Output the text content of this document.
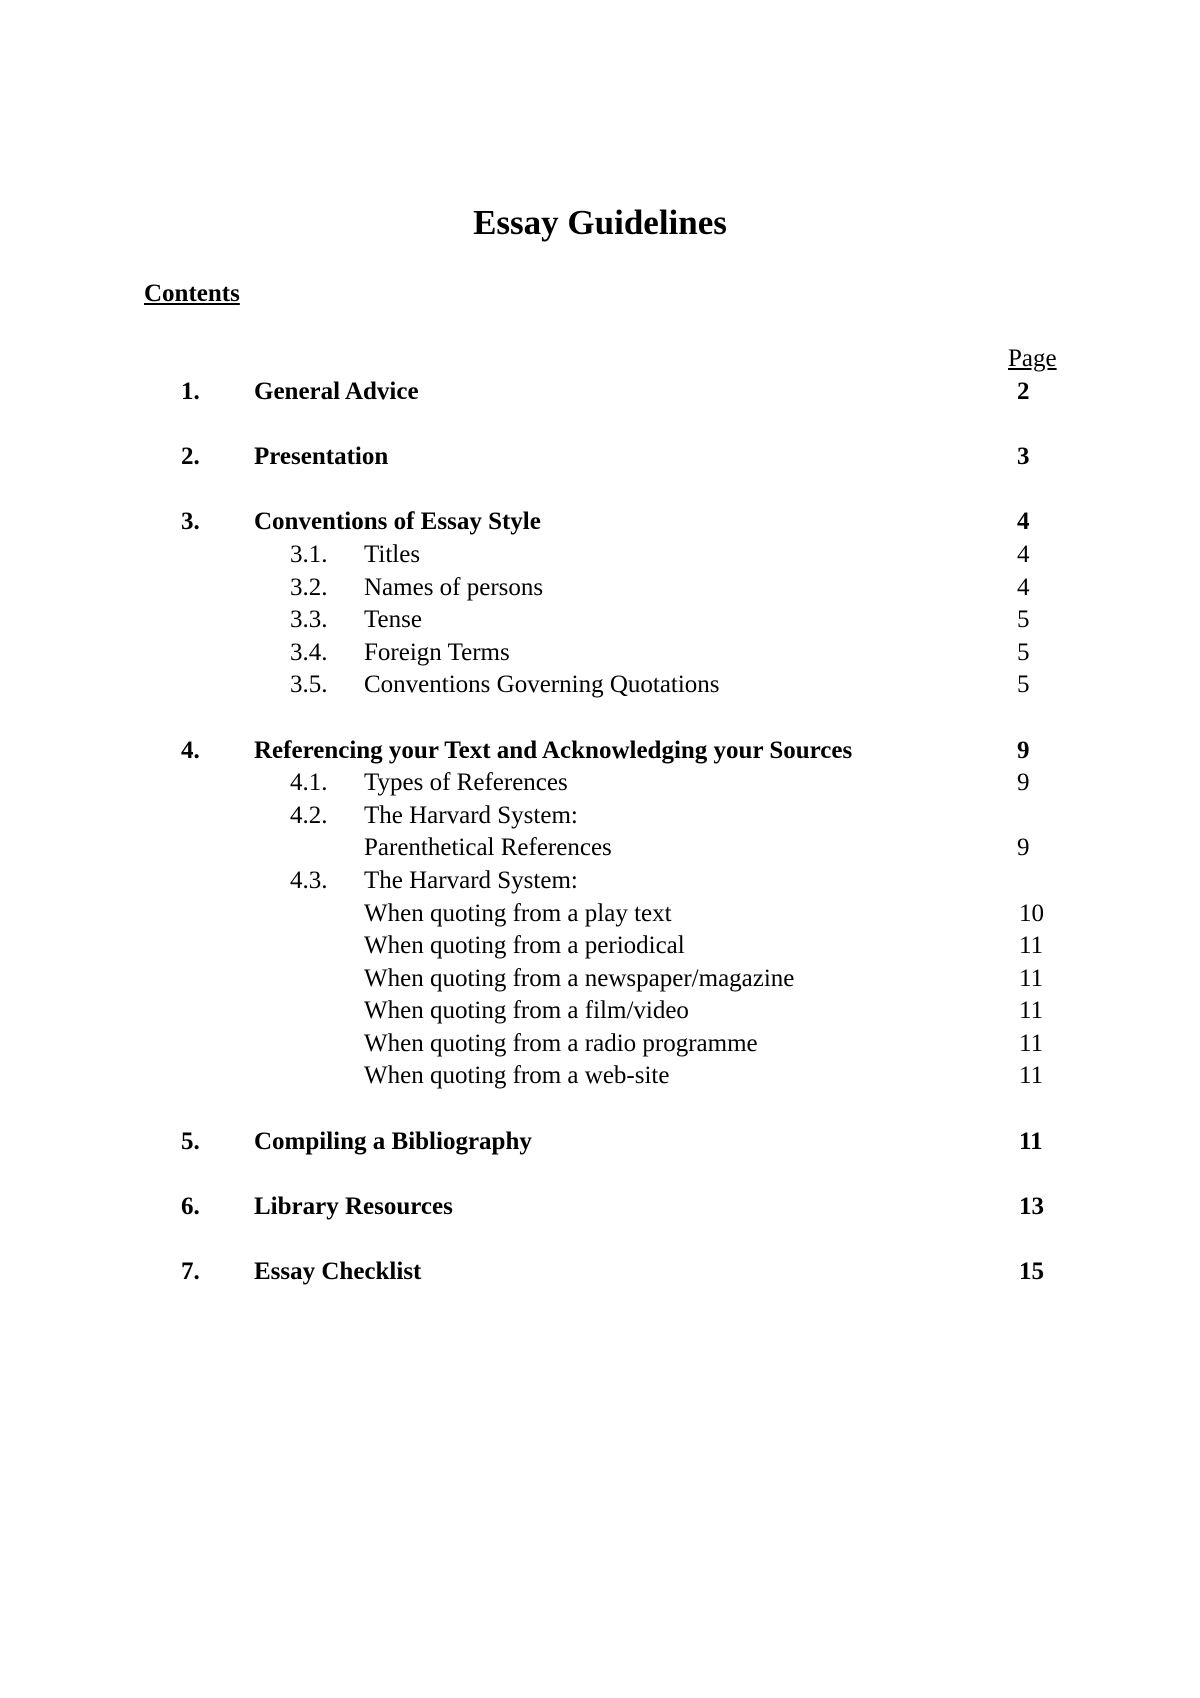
Essay Guidelines
Contents
Page
1. General Advice	2
2. Presentation	3
3. Conventions of Essay Style	4
3.1. Titles	4
3.2. Names of persons	4
3.3. Tense	5
3.4. Foreign Terms	5
3.5. Conventions Governing Quotations	5
4. Referencing your Text and Acknowledging your Sources	9
4.1. Types of References	9
4.2. The Harvard System:
Parenthetical References	9
4.3. The Harvard System:
When quoting from a play text	10
When quoting from a periodical	11
When quoting from a newspaper/magazine	11
When quoting from a film/video	11
When quoting from a radio programme	11
When quoting from a web-site	11
5. Compiling a Bibliography	11
6. Library Resources	13
7. Essay Checklist	15
